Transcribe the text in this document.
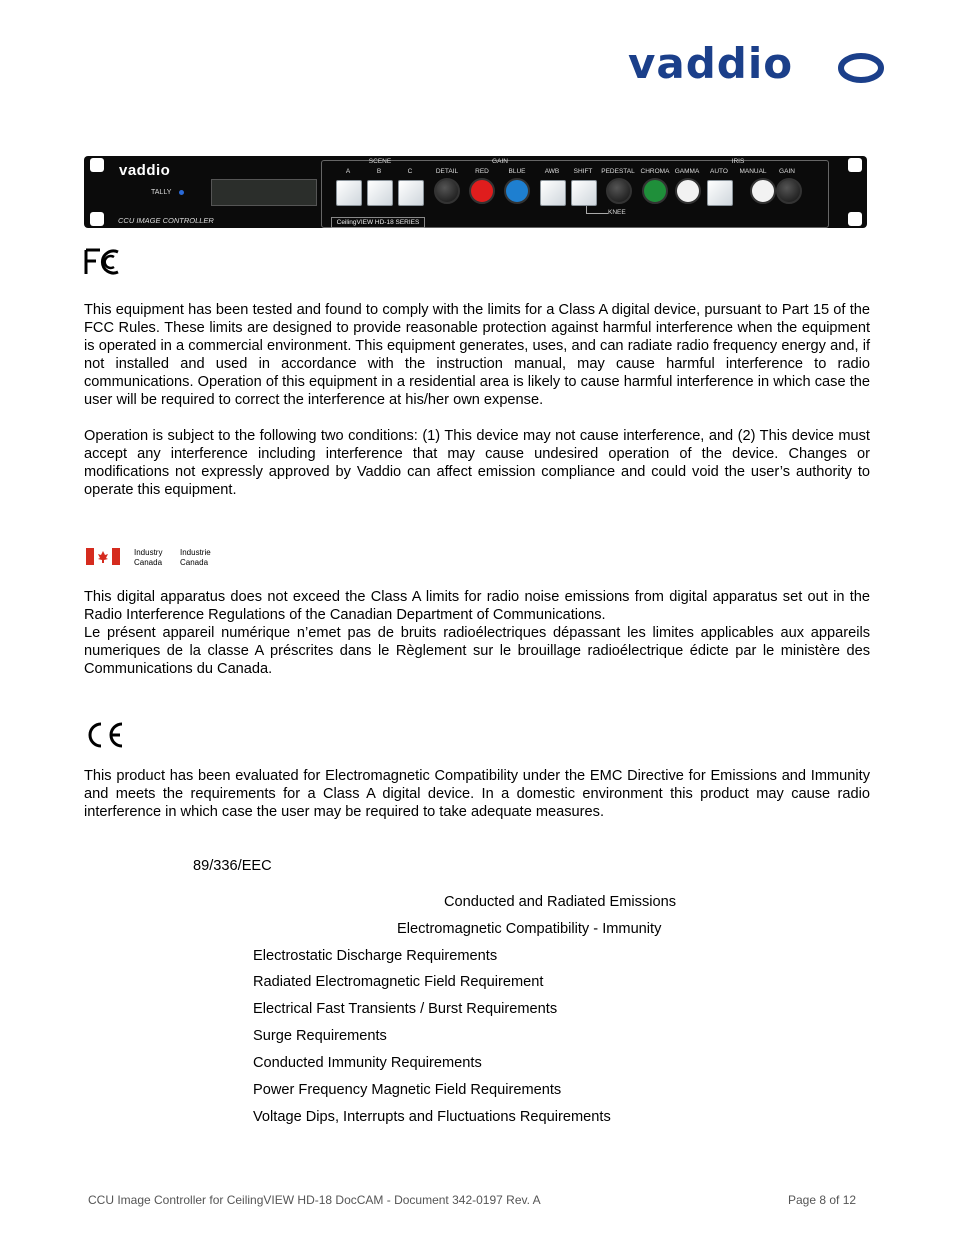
vaddio
vaddio
TALLY
CCU IMAGE CONTROLLER	CeilingVIEW HD-18 SERIES
SCENE	GAIN	IRIS
A	B	C	DETAIL	RED	BLUE	AWB	SHIFT	PEDESTAL CHROMA GAMMA	AUTO	MANUAL	GAIN
KNEE

This equipment has been tested and found to comply with the limits for a Class A digital device, pursuant to Part 15 of the FCC Rules. These limits are designed to provide reasonable protection against harmful interference when the equipment is operated in a commercial environment. This equipment generates, uses, and can radiate radio frequency energy and, if not installed and used in accordance with the instruction manual, may cause harmful interference to radio communications. Operation of this equipment in a residential area is likely to cause harmful interference in which case the user will be required to correct the interference at his/her own expense.

Operation is subject to the following two conditions: (1) This device may not cause interference, and (2) This device must accept any interference including interference that may cause undesired operation of the device. Changes or modifications not expressly approved by Vaddio can affect emission compliance and could void the user’s authority to operate this equipment.

Industry
Canada
Industrie
Canada

This digital apparatus does not exceed the Class A limits for radio noise emissions from digital apparatus set out in the Radio Interference Regulations of the Canadian Department of Communications.

Le présent appareil numérique n’emet pas de bruits radioélectriques dépassant les limites applicables aux appareils numeriques de la classe A préscrites dans le Règlement sur le brouillage radioélectrique édicte par le ministère des Communications du Canada.

This product has been evaluated for Electromagnetic Compatibility under the EMC Directive for Emissions and Immunity and meets the requirements for a Class A digital device. In a domestic environment this product may cause radio interference in which case the user may be required to take adequate measures.

89/336/EEC
Conducted and Radiated Emissions
Electromagnetic Compatibility - Immunity
Electrostatic Discharge Requirements
Radiated Electromagnetic Field Requirement
Electrical Fast Transients / Burst Requirements
Surge Requirements
Conducted Immunity Requirements
Power Frequency Magnetic Field Requirements
Voltage Dips, Interrupts and Fluctuations Requirements
CCU Image Controller for CeilingVIEW HD-18 DocCAM - Document 342-0197 Rev. A	Page 8 of 12
